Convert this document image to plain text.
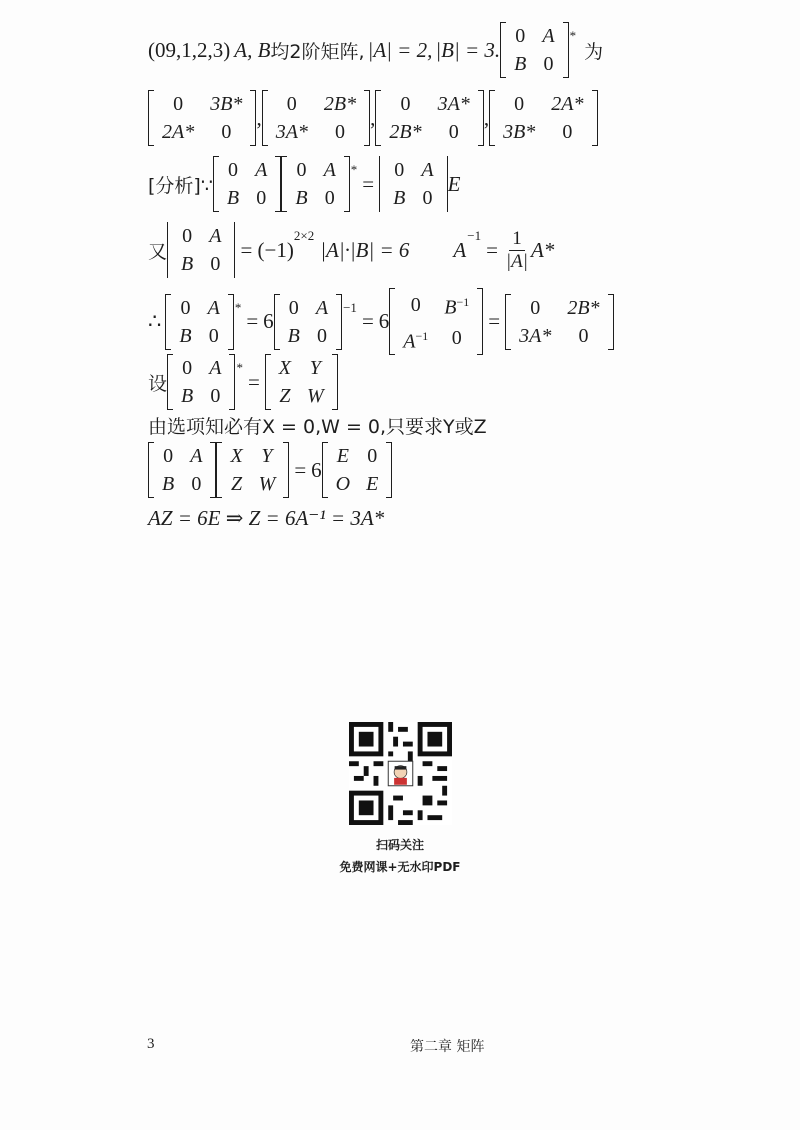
(09,1,2,3) A, B 均2阶矩阵, |A| = 2, |B| = 3.
0	A
B	0
*
为
0	3B*
2A*	0
,
0	2B*
3A*	0
,
0	3A*
2B*	0
,
0	2A*
3B*	0
[分析]∵
0	A
B	0
0	A
B	0
*
=
0	A
B	0
E
又
0	A
B	0
= (−1)
2×2
|A|·|B| = 6 A
−1
= $\frac{1}{|A|} A*$
∴
0	A
B	0
*
= 6
0	A
B	0
−1
= 6
0	$B^{-1}$
$A^{-1}$	0
=
0	2B*
3A*	0
设
0	A
B	0
*
=
X	Y
Z	W
由选项知必有X = 0,W = 0,只要求Y或Z
0	A
B	0
X	Y
Z	W
= 6
E	0
O	E
AZ = 6E ⇒ Z = 6A⁻¹ = 3A*
扫码关注
免费网课+无水印PDF
3	第二章 矩阵
